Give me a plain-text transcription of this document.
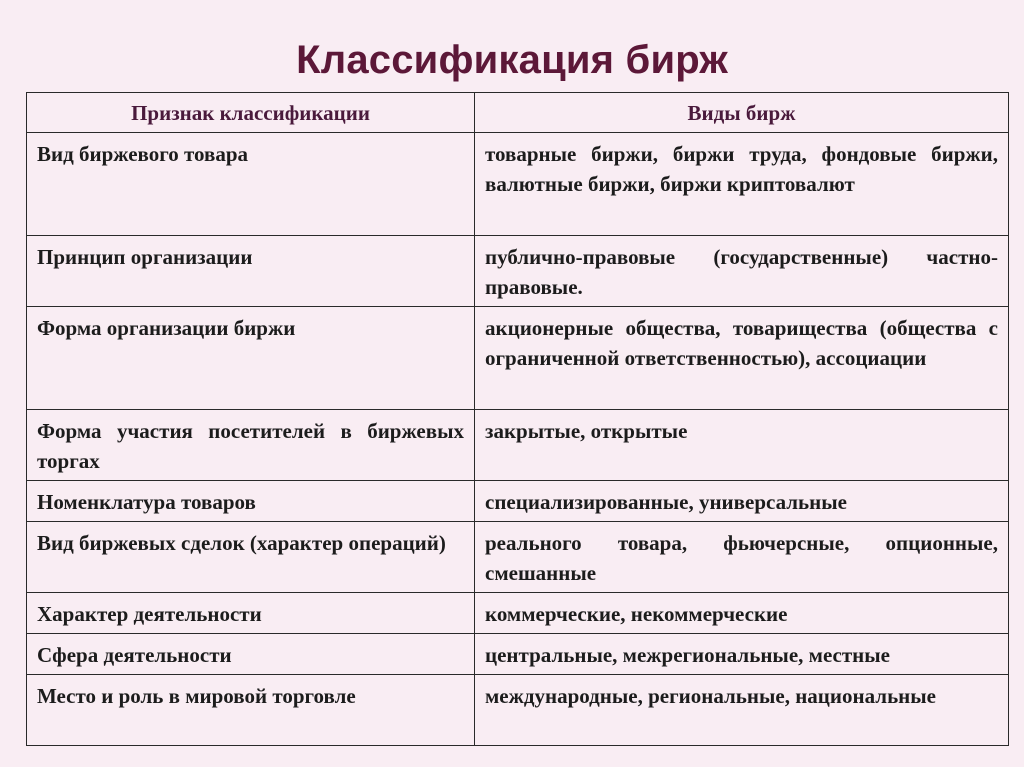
Классификация бирж
Признак классификации	Виды бирж
Вид биржевого товара	товарные биржи, биржи труда, фондовые биржи, валютные биржи, биржи криптовалют
Принцип организации	публично-правовые (государственные) частно-правовые.
Форма организации биржи	акционерные общества, товарищества (общества с ограниченной ответственностью), ассоциации
Форма участия посетителей в биржевых торгах	закрытые, открытые
Номенклатура товаров	специализированные, универсальные
Вид биржевых сделок (характер операций)	реального товара, фьючерсные, опционные, смешанные
Характер деятельности	коммерческие, некоммерческие
Сфера деятельности	центральные, межрегиональные, местные
Место и роль в мировой торговле	международные, региональные, национальные
